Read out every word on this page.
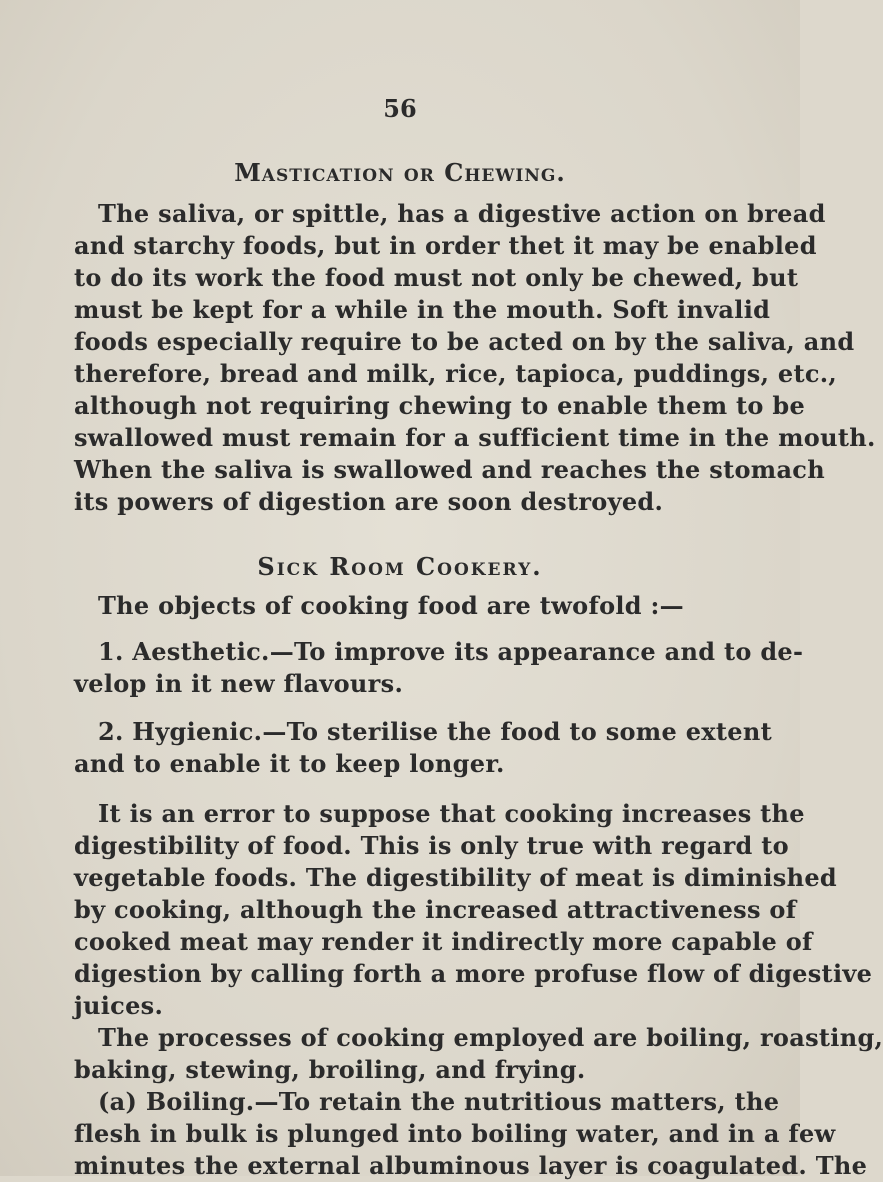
56
Mastication or Chewing.
The saliva, or spittle, has a digestive action on bread
and starchy foods, but in order thet it may be enabled
to do its work the food must not only be chewed, but
must be kept for a while in the mouth. Soft invalid
foods especially require to be acted on by the saliva, and
therefore, bread and milk, rice, tapioca, puddings, etc.,
although not requiring chewing to enable them to be
swallowed must remain for a sufficient time in the mouth.
When the saliva is swallowed and reaches the stomach
its powers of digestion are soon destroyed.
Sick Room Cookery.
The objects of cooking food are twofold :—
1. Aesthetic.—To improve its appearance and to de-
velop in it new flavours.
2. Hygienic.—To sterilise the food to some extent
and to enable it to keep longer.
It is an error to suppose that cooking increases the
digestibility of food. This is only true with regard to
vegetable foods. The digestibility of meat is diminished
by cooking, although the increased attractiveness of
cooked meat may render it indirectly more capable of
digestion by calling forth a more profuse flow of digestive
juices.
The processes of cooking employed are boiling, roasting,
baking, stewing, broiling, and frying.
(a) Boiling.—To retain the nutritious matters, the
flesh in bulk is plunged into boiling water, and in a few
minutes the external albuminous layer is coagulated. The
